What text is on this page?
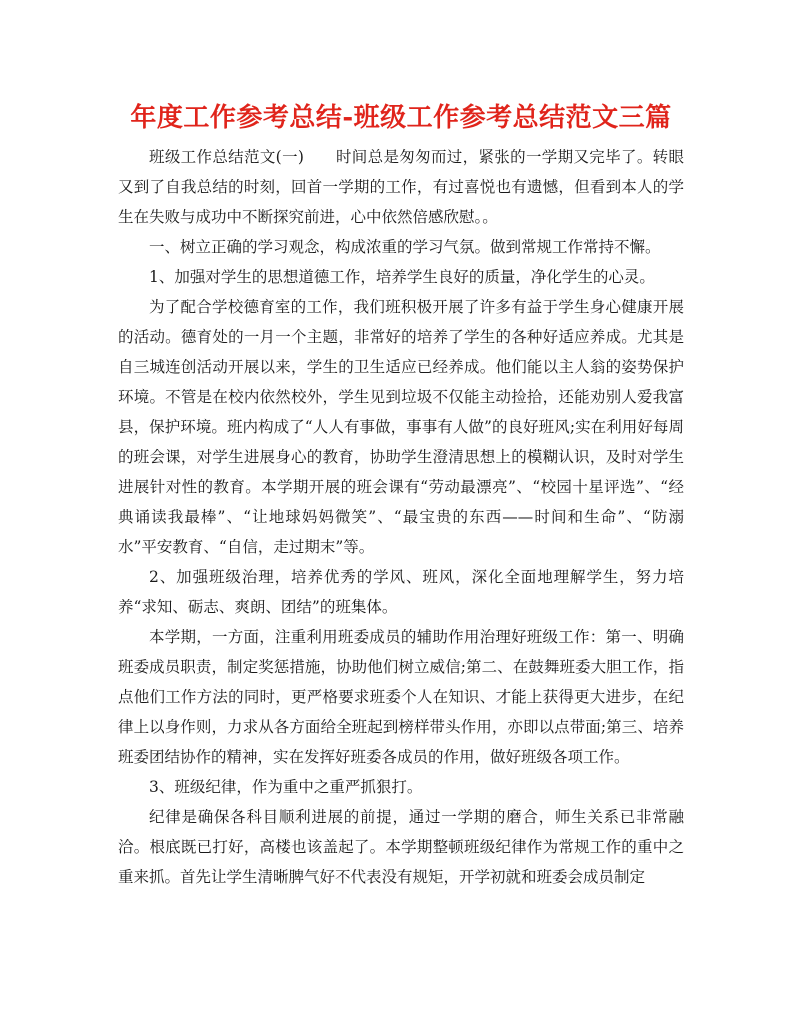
年度工作参考总结-班级工作参考总结范文三篇

班级工作总结范文(一)　　时间总是匆匆而过，紧张的一学期又完毕了。转眼又到了自我总结的时刻，回首一学期的工作，有过喜悦也有遗憾，但看到本人的学生在失败与成功中不断探究前进，心中依然倍感欣慰。。

一、树立正确的学习观念，构成浓重的学习气氛。做到常规工作常持不懈。

1、加强对学生的思想道德工作，培养学生良好的质量，净化学生的心灵。

为了配合学校德育室的工作，我们班积极开展了许多有益于学生身心健康开展的活动。德育处的一月一个主题，非常好的培养了学生的各种好适应养成。尤其是自三城连创活动开展以来，学生的卫生适应已经养成。他们能以主人翁的姿势保护环境。不管是在校内依然校外，学生见到垃圾不仅能主动捡拾，还能劝别人爱我富县，保护环境。班内构成了“人人有事做，事事有人做”的良好班风;实在利用好每周的班会课，对学生进展身心的教育，协助学生澄清思想上的模糊认识，及时对学生进展针对性的教育。本学期开展的班会课有“劳动最漂亮”、“校园十星评选”、“经典诵读我最棒”、“让地球妈妈微笑”、“最宝贵的东西——时间和生命”、“防溺水”平安教育、“自信，走过期末”等。

2、加强班级治理，培养优秀的学风、班风，深化全面地理解学生，努力培养“求知、砺志、爽朗、团结”的班集体。

本学期，一方面，注重利用班委成员的辅助作用治理好班级工作：第一、明确班委成员职责，制定奖惩措施，协助他们树立威信;第二、在鼓舞班委大胆工作，指点他们工作方法的同时，更严格要求班委个人在知识、才能上获得更大进步，在纪律上以身作则，力求从各方面给全班起到榜样带头作用，亦即以点带面;第三、培养班委团结协作的精神，实在发挥好班委各成员的作用，做好班级各项工作。

3、班级纪律，作为重中之重严抓狠打。

纪律是确保各科目顺利进展的前提，通过一学期的磨合，师生关系已非常融洽。根底既已打好，高楼也该盖起了。本学期整顿班级纪律作为常规工作的重中之重来抓。首先让学生清晰脾气好不代表没有规矩，开学初就和班委会成员制定
